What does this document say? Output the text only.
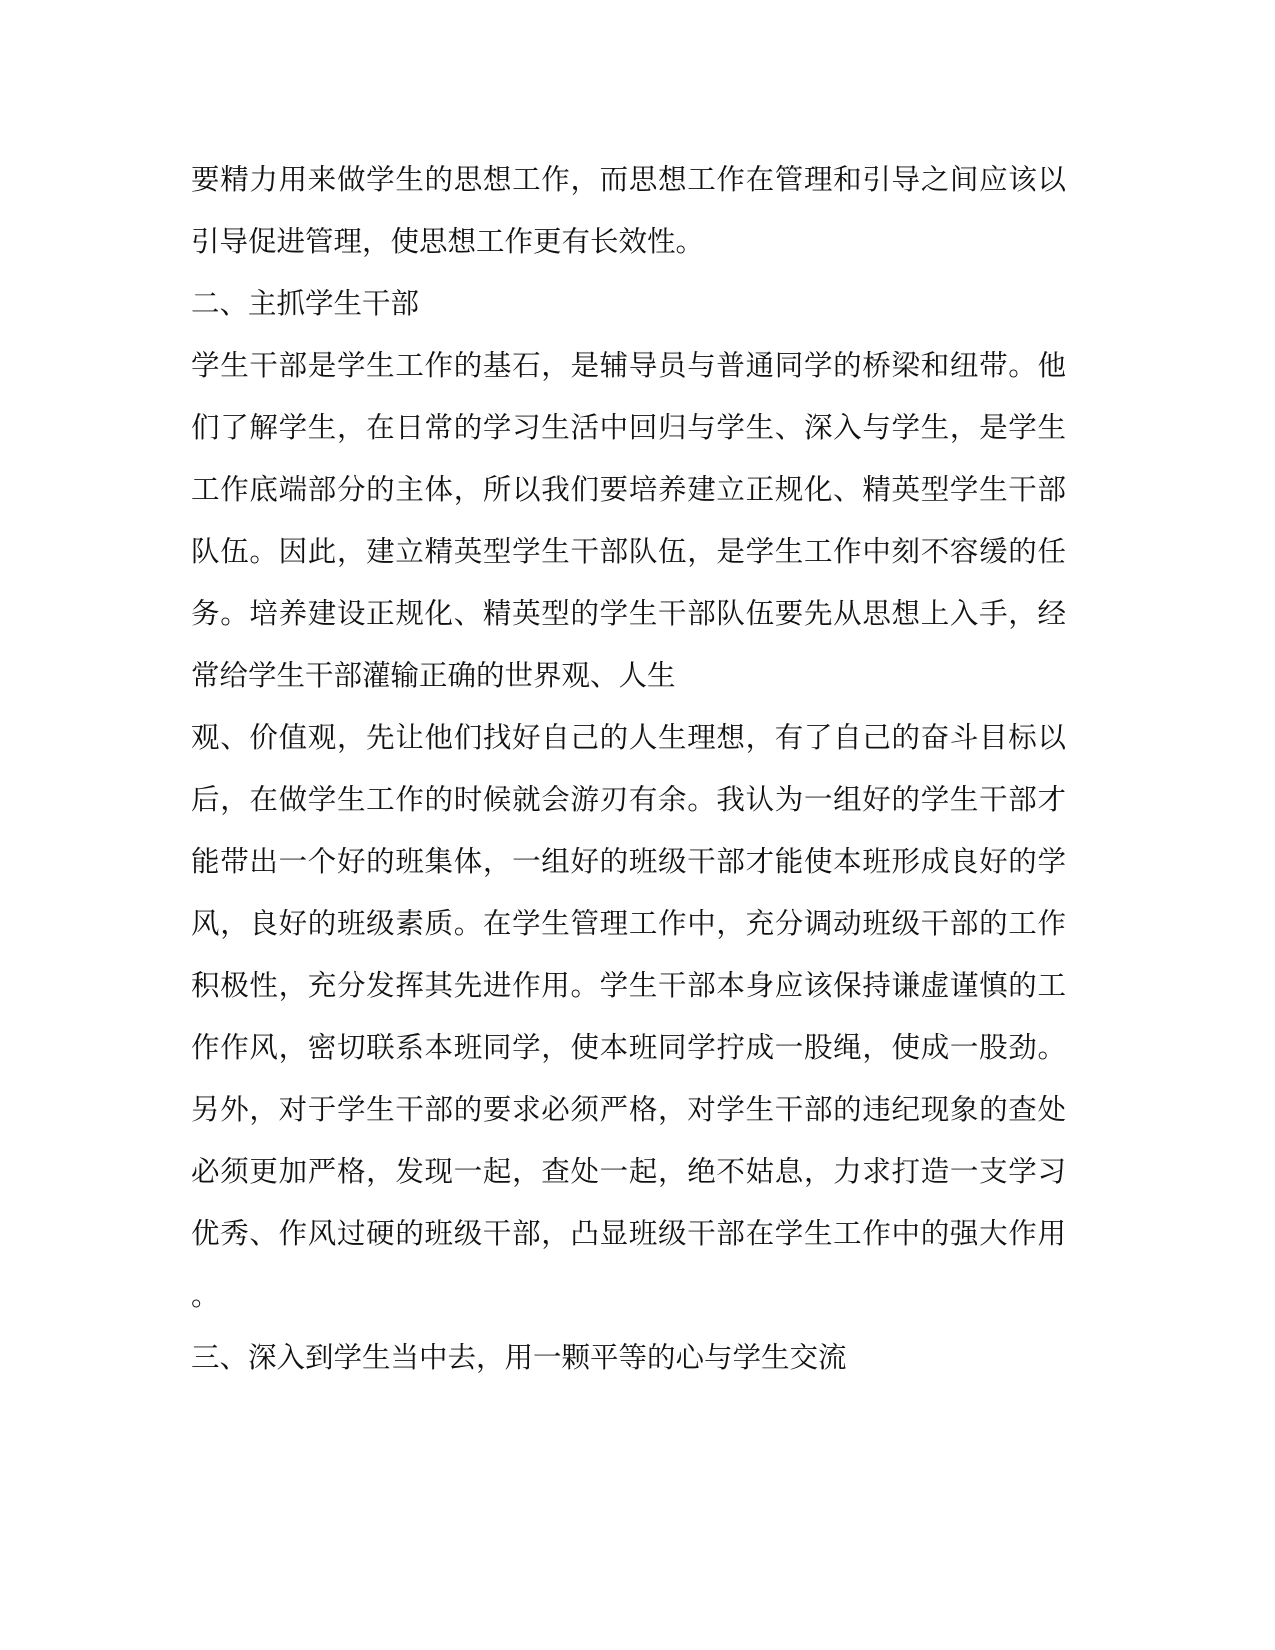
要精力用来做学生的思想工作，而思想工作在管理和引导之间应该以
引导促进管理，使思想工作更有长效性。
二、主抓学生干部
学生干部是学生工作的基石，是辅导员与普通同学的桥梁和纽带。他
们了解学生，在日常的学习生活中回归与学生、深入与学生，是学生
工作底端部分的主体，所以我们要培养建立正规化、精英型学生干部
队伍。因此，建立精英型学生干部队伍，是学生工作中刻不容缓的任
务。培养建设正规化、精英型的学生干部队伍要先从思想上入手，经
常给学生干部灌输正确的世界观、人生
观、价值观，先让他们找好自己的人生理想，有了自己的奋斗目标以
后，在做学生工作的时候就会游刃有余。我认为一组好的学生干部才
能带出一个好的班集体，一组好的班级干部才能使本班形成良好的学
风，良好的班级素质。在学生管理工作中，充分调动班级干部的工作
积极性，充分发挥其先进作用。学生干部本身应该保持谦虚谨慎的工
作作风，密切联系本班同学，使本班同学拧成一股绳，使成一股劲。
另外，对于学生干部的要求必须严格，对学生干部的违纪现象的查处
必须更加严格，发现一起，查处一起，绝不姑息，力求打造一支学习
优秀、作风过硬的班级干部，凸显班级干部在学生工作中的强大作用
。
三、深入到学生当中去，用一颗平等的心与学生交流
